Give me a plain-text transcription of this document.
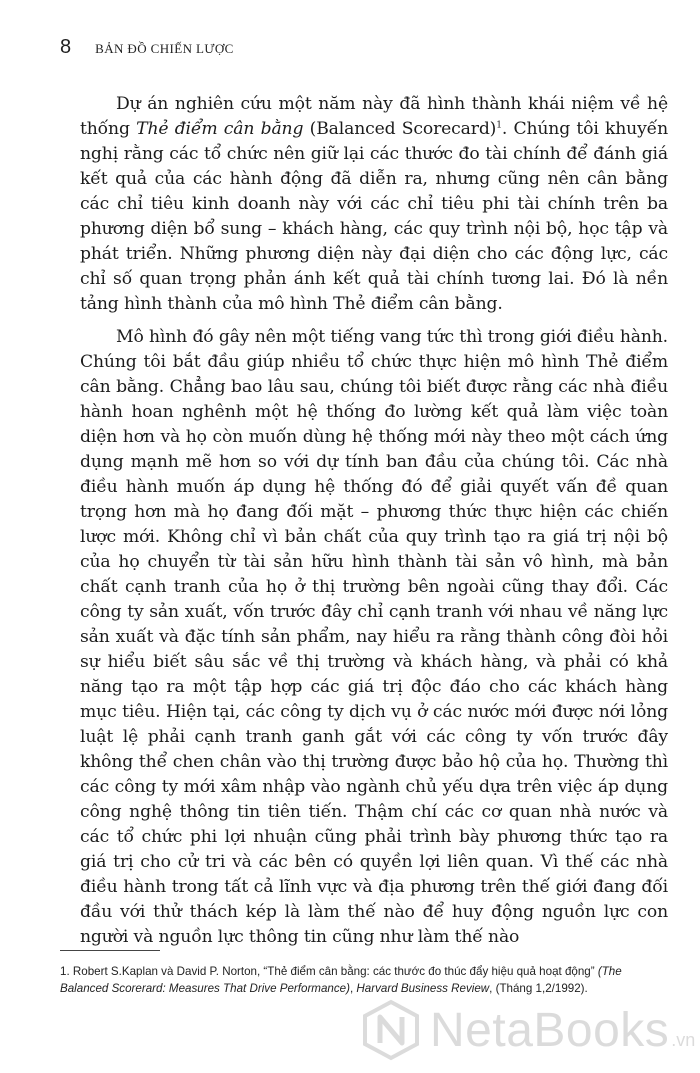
8 BẢN ĐỒ CHIẾN LƯỢC

Dự án nghiên cứu một năm này đã hình thành khái niệm về hệ thống Thẻ điểm cân bằng (Balanced Scorecard)$^1$. Chúng tôi khuyến nghị rằng các tổ chức nên giữ lại các thước đo tài chính để đánh giá kết quả của các hành động đã diễn ra, nhưng cũng nên cân bằng các chỉ tiêu kinh doanh này với các chỉ tiêu phi tài chính trên ba phương diện bổ sung – khách hàng, các quy trình nội bộ, học tập và phát triển. Những phương diện này đại diện cho các động lực, các chỉ số quan trọng phản ánh kết quả tài chính tương lai. Đó là nền tảng hình thành của mô hình Thẻ điểm cân bằng.

Mô hình đó gây nên một tiếng vang tức thì trong giới điều hành. Chúng tôi bắt đầu giúp nhiều tổ chức thực hiện mô hình Thẻ điểm cân bằng. Chẳng bao lâu sau, chúng tôi biết được rằng các nhà điều hành hoan nghênh một hệ thống đo lường kết quả làm việc toàn diện hơn và họ còn muốn dùng hệ thống mới này theo một cách ứng dụng mạnh mẽ hơn so với dự tính ban đầu của chúng tôi. Các nhà điều hành muốn áp dụng hệ thống đó để giải quyết vấn đề quan trọng hơn mà họ đang đối mặt – phương thức thực hiện các chiến lược mới. Không chỉ vì bản chất của quy trình tạo ra giá trị nội bộ của họ chuyển từ tài sản hữu hình thành tài sản vô hình, mà bản chất cạnh tranh của họ ở thị trường bên ngoài cũng thay đổi. Các công ty sản xuất, vốn trước đây chỉ cạnh tranh với nhau về năng lực sản xuất và đặc tính sản phẩm, nay hiểu ra rằng thành công đòi hỏi sự hiểu biết sâu sắc về thị trường và khách hàng, và phải có khả năng tạo ra một tập hợp các giá trị độc đáo cho các khách hàng mục tiêu. Hiện tại, các công ty dịch vụ ở các nước mới được nới lỏng luật lệ phải cạnh tranh ganh gắt với các công ty vốn trước đây không thể chen chân vào thị trường được bảo hộ của họ. Thường thì các công ty mới xâm nhập vào ngành chủ yếu dựa trên việc áp dụng công nghệ thông tin tiên tiến. Thậm chí các cơ quan nhà nước và các tổ chức phi lợi nhuận cũng phải trình bày phương thức tạo ra giá trị cho cử tri và các bên có quyền lợi liên quan. Vì thế các nhà điều hành trong tất cả lĩnh vực và địa phương trên thế giới đang đối đầu với thử thách kép là làm thế nào để huy động nguồn lực con người và nguồn lực thông tin cũng như làm thế nào

1. Robert S.Kaplan và David P. Norton, “Thẻ điểm cân bằng: các thước đo thúc đẩy hiệu quả hoạt động” (The Balanced Scorerard: Measures That Drive Performance), Harvard Business Review, (Tháng 1,2/1992).
NetaBooks .vn
